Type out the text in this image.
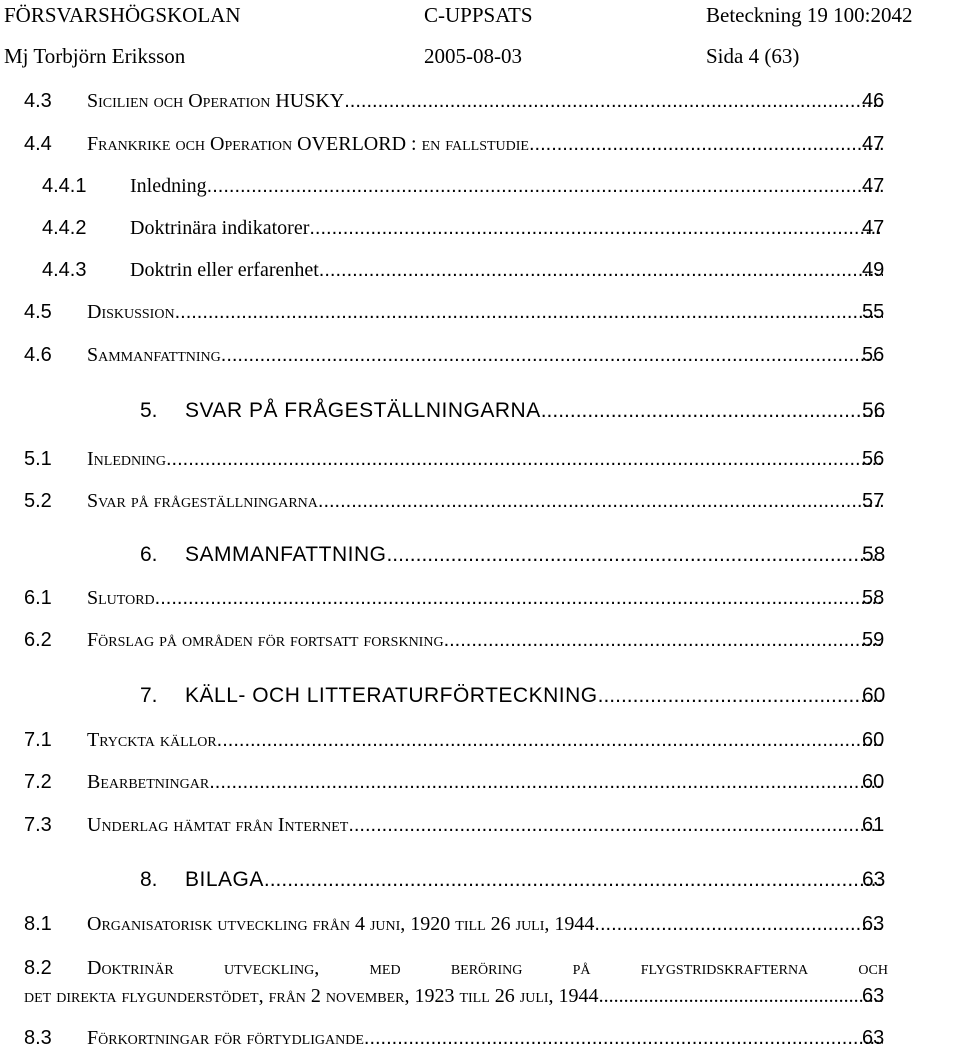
FÖRSVARSHÖGSKOLAN	C-UPPSATS	Beteckning 19 100:2042
Mj Torbjörn Eriksson	2005-08-03	Sida 4 (63)
4.3 Sicilien och Operation HUSKY .....	46
4.4 Frankrike och Operation OVERLORD : en fallstudie .....	47
4.4.1 Inledning .....	47
4.4.2 Doktrinära indikatorer .....	47
4.4.3 Doktrin eller erfarenhet .....	49
4.5 Diskussion .....	55
4.6 Sammanfattning .....	56
5. SVAR PÅ FRÅGESTÄLLNINGARNA .....	56
5.1 Inledning .....	56
5.2 Svar på frågeställningarna .....	57
6. SAMMANFATTNING .....	58
6.1 Slutord .....	58
6.2 Förslag på områden för fortsatt forskning .....	59
7. KÄLL- OCH LITTERATURFÖRTECKNING .....	60
7.1 Tryckta källor .....	60
7.2 Bearbetningar .....	60
7.3 Underlag hämtat från Internet .....	61
8. BILAGA .....	63
8.1 Organisatorisk utveckling från 4 juni, 1920 till 26 juli, 1944 .....	63
8.2 Doktrinär	utveckling,	med	beröring	på	flygstridskrafterna	och
det direkta flygunderstödet, från 2 november, 1923 till 26 juli, 1944 .....	63
8.3 Förkortningar för förtydligande .....	63
